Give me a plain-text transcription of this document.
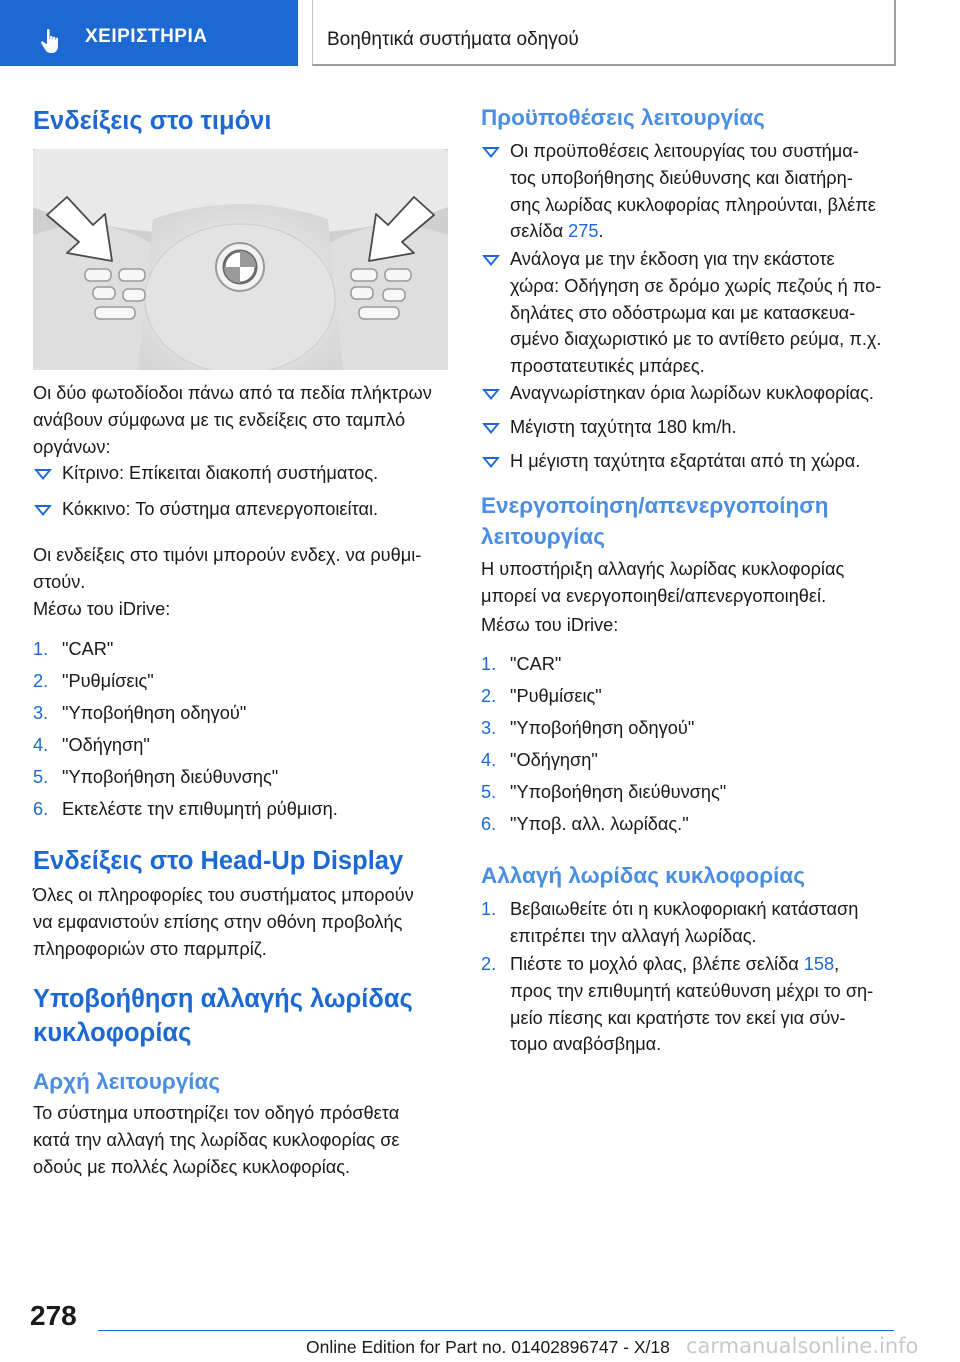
ΧΕΙΡΙΣΤΗΡΙΑ	Βοηθητικά συστήματα οδηγού
Ενδείξεις στο τιμόνι
Οι δύο φωτοδίοδοι πάνω από τα πεδία πλήκτρων
ανάβουν σύμφωνα με τις ενδείξεις στο ταμπλό
οργάνων:
Κίτρινο: Επίκειται διακοπή συστήματος.
Κόκκινο: Το σύστημα απενεργοποιείται.
Οι ενδείξεις στο τιμόνι μπορούν ενδεχ. να ρυθμι-
στούν.
Μέσω του iDrive:
1. "CAR"
2. "Ρυθμίσεις"
3. "Υποβοήθηση οδηγού"
4. "Οδήγηση"
5. "Υποβοήθηση διεύθυνσης"
6. Εκτελέστε την επιθυμητή ρύθμιση.
Ενδείξεις στο Head-Up Display
Όλες οι πληροφορίες του συστήματος μπορούν
να εμφανιστούν επίσης στην οθόνη προβολής
πληροφοριών στο παρμπρίζ.
Υποβοήθηση αλλαγής λωρίδας
κυκλοφορίας
Αρχή λειτουργίας
Το σύστημα υποστηρίζει τον οδηγό πρόσθετα
κατά την αλλαγή της λωρίδας κυκλοφορίας σε
οδούς με πολλές λωρίδες κυκλοφορίας.
Προϋποθέσεις λειτουργίας
Οι προϋποθέσεις λειτουργίας του συστήμα-
τος υποβοήθησης διεύθυνσης και διατήρη-
σης λωρίδας κυκλοφορίας πληρούνται, βλέπε
σελίδα 275.
Ανάλογα με την έκδοση για την εκάστοτε
χώρα: Οδήγηση σε δρόμο χωρίς πεζούς ή πο-
δηλάτες στο οδόστρωμα και με κατασκευα-
σμένο διαχωριστικό με το αντίθετο ρεύμα, π.χ.
προστατευτικές μπάρες.
Αναγνωρίστηκαν όρια λωρίδων κυκλοφορίας.
Μέγιστη ταχύτητα 180 km/h.
Η μέγιστη ταχύτητα εξαρτάται από τη χώρα.
Ενεργοποίηση/απενεργοποίηση
λειτουργίας
Η υποστήριξη αλλαγής λωρίδας κυκλοφορίας
μπορεί να ενεργοποιηθεί/απενεργοποιηθεί.
Μέσω του iDrive:
1. "CAR"
2. "Ρυθμίσεις"
3. "Υποβοήθηση οδηγού"
4. "Οδήγηση"
5. "Υποβοήθηση διεύθυνσης"
6. "Υποβ. αλλ. λωρίδας."
Αλλαγή λωρίδας κυκλοφορίας
1. Βεβαιωθείτε ότι η κυκλοφοριακή κατάσταση
επιτρέπει την αλλαγή λωρίδας.
2. Πιέστε το μοχλό φλας, βλέπε σελίδα 158,
προς την επιθυμητή κατεύθυνση μέχρι το ση-
μείο πίεσης και κρατήστε τον εκεί για σύν-
τομο αναβόσβημα.
278
Online Edition for Part no. 01402896747 - X/18 carmanualsonline.info
